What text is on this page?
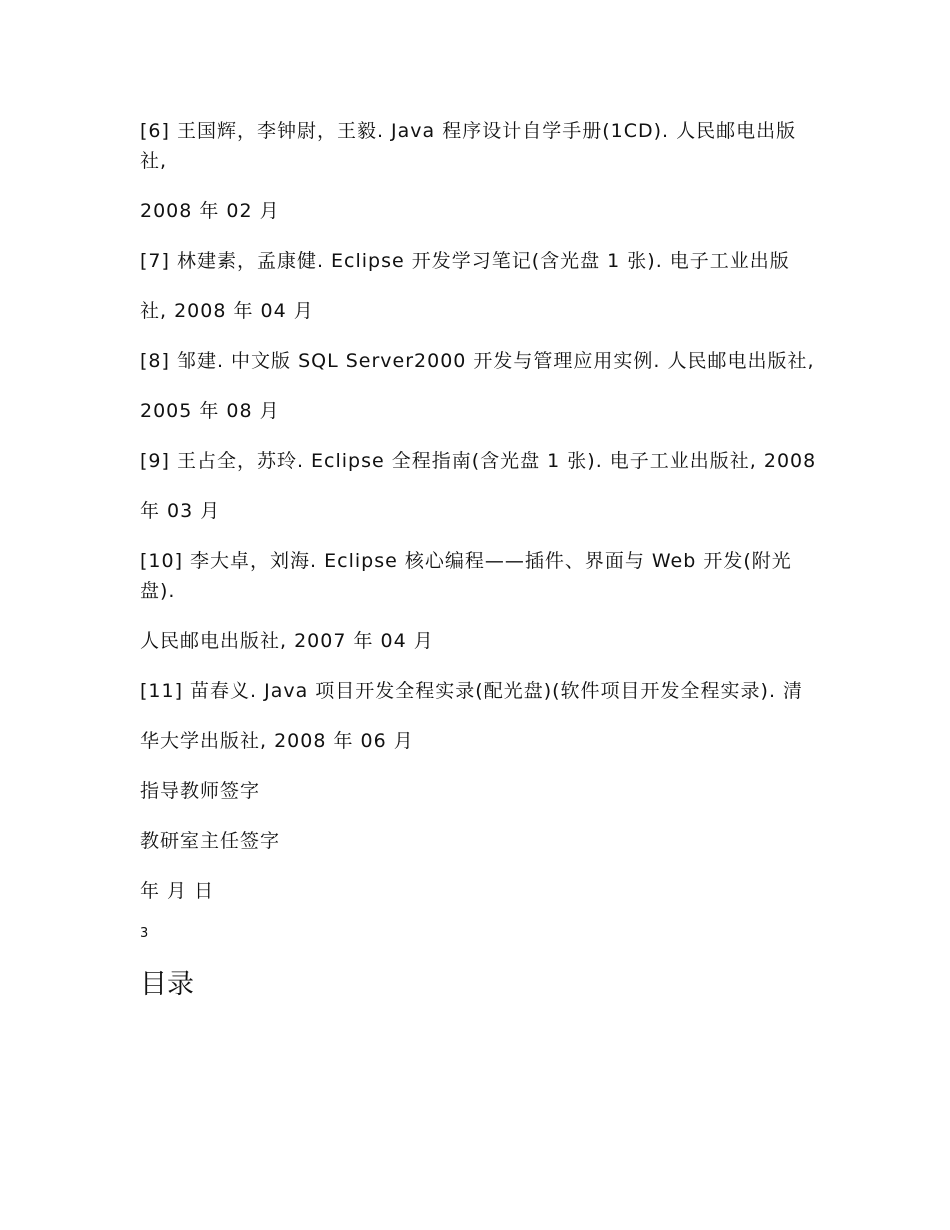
[6] 王国辉，李钟尉，王毅. Java 程序设计自学手册(1CD). 人民邮电出版社,

2008 年 02 月

[7] 林建素，孟康健. Eclipse 开发学习笔记(含光盘 1 张). 电子工业出版

社, 2008 年 04 月

[8] 邹建. 中文版 SQL Server2000 开发与管理应用实例. 人民邮电出版社,

2005 年 08 月

[9] 王占全，苏玲. Eclipse 全程指南(含光盘 1 张). 电子工业出版社, 2008

年 03 月

[10] 李大卓，刘海. Eclipse 核心编程——插件、界面与 Web 开发(附光盘).

人民邮电出版社, 2007 年 04 月

[11] 苗春义. Java 项目开发全程实录(配光盘)(软件项目开发全程实录). 清

华大学出版社, 2008 年 06 月

指导教师签字

教研室主任签字

年 月 日

3
目录
